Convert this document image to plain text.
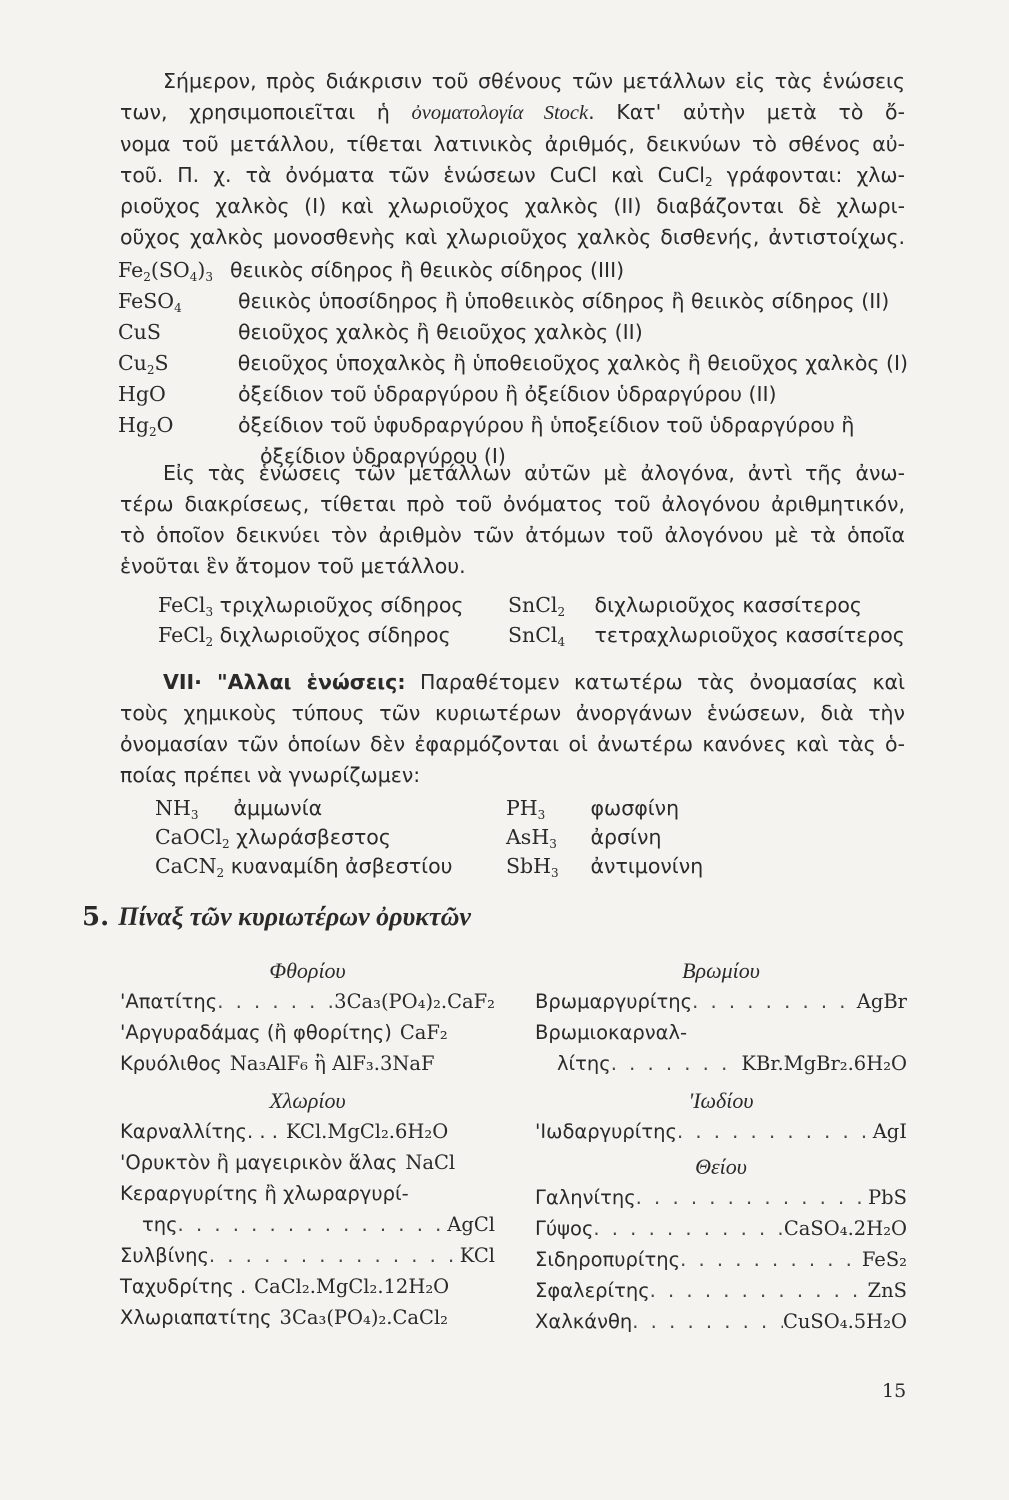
Σήμερον, πρὸς διάκρισιν τοῦ σθένους τῶν μετάλλων εἰς τὰς ἑνώσεις
των, χρησιμοποιεῖται ἡ ὀνοματολογία Stock. Κατ' αὐτὴν μετὰ τὸ ὄ-
νομα τοῦ μετάλλου, τίθεται λατινικὸς ἀριθμός, δεικνύων τὸ σθένος αὐ-
τοῦ. Π. χ. τὰ ὀνόματα τῶν ἑνώσεων CuCl καὶ CuCl$_2$ γράφονται: χλω-
ριοῦχος χαλκὸς (I) καὶ χλωριοῦχος χαλκὸς (II) διαβάζονται δὲ χλωρι-
οῦχος χαλκὸς μονοσθενὴς καὶ χλωριοῦχος χαλκὸς δισθενής, ἀντιστοίχως.
$Fe_2(SO_4)_3$ θειικὸς σίδηρος ἢ θειικὸς σίδηρος (III)
FeSO$_4$	θειικὸς ὑποσίδηρος ἢ ὑποθειικὸς σίδηρος ἢ θειικὸς σίδηρος (II)
CuS	θειοῦχος χαλκὸς ἢ θειοῦχος χαλκὸς (II)
$Cu_2S$	θειοῦχος ὑποχαλκὸς ἢ ὑποθειοῦχος χαλκὸς ἢ θειοῦχος χαλκὸς (I)
HgO	ὀξείδιον τοῦ ὑδραργύρου ἢ ὀξείδιον ὑδραργύρου (II)
$Hg_2O$	ὀξείδιον τοῦ ὑφυδραργύρου ἢ ὑποξείδιον τοῦ ὑδραργύρου ἢ
ὀξείδιον ὑδραργύρου (I)
Εἰς τὰς ἑνώσεις τῶν μετάλλων αὐτῶν μὲ ἀλογόνα, ἀντὶ τῆς ἀνω-
τέρω διακρίσεως, τίθεται πρὸ τοῦ ὀνόματος τοῦ ἀλογόνου ἀριθμητικόν,
τὸ ὁποῖον δεικνύει τὸν ἀριθμὸν τῶν ἀτόμων τοῦ ἀλογόνου μὲ τὰ ὁποῖα
ἑνοῦται ἓν ἄτομον τοῦ μετάλλου.
FeCl$_3$ τριχλωριοῦχος σίδηρος SnCl$_2$ διχλωριοῦχος κασσίτερος
FeCl$_2$ διχλωριοῦχος σίδηρος	SnCl$_4$ τετραχλωριοῦχος κασσίτερος
VII· "Αλλαι ἑνώσεις: Παραθέτομεν κατωτέρω τὰς ὀνομασίας καὶ
τοὺς χημικοὺς τύπους τῶν κυριωτέρων ἀνοργάνων ἑνώσεων, διὰ τὴν
ὀνομασίαν τῶν ὁποίων δὲν ἐφαρμόζονται οἱ ἀνωτέρω κανόνες καὶ τὰς ὁ-
ποίας πρέπει νὰ γνωρίζωμεν:
$NH_3$ ἀμμωνία	$PH_3$ φωσφίνη
CaOCl$_2$ χλωράσβεστος	AsH$_3$ ἀρσίνη
CaCN$_2$ κυαναμίδη ἀσβεστίου	SbH$_3$ ἀντιμονίνη
5. Πίναξ τῶν κυριωτέρων ὀρυκτῶν
Φθορίου
'Απατίτης . . .	3Ca₃(PO₄)₂.CaF₂
'Αργυραδάμας (ἢ φθορίτης) CaF₂
Κρυόλιθος Na₃AlF₆ ἢ AlF₃.3NaF
Χλωρίου
Καρναλλίτης. . . KCl.MgCl₂.6H₂O
'Ορυκτὸν ἢ μαγειρικὸν ἅλας NaCl
Κεραργυρίτης ἢ χλωραργυρί-
της . . .	AgCl
Συλβίνης . . .	KCl
Ταχυδρίτης . CaCl₂.MgCl₂.12H₂O
Χλωριαπατίτης 3Ca₃(PO₄)₂.CaCl₂
Βρωμίου
Βρωμαργυρίτης . . .	AgBr
Βρωμιοκαρναλ-
λίτης . . .	KBr.MgBr₂.6H₂O
'Ιωδίου
'Ιωδαργυρίτης . . .	AgI
Θείου
Γαληνίτης . . .	PbS
Γύψος . . .	CaSO₄.2H₂O
Σιδηροπυρίτης . . .	FeS₂
Σφαλερίτης . . .	ZnS
Χαλκάνθη . . .	CuSO₄.5H₂O
15
